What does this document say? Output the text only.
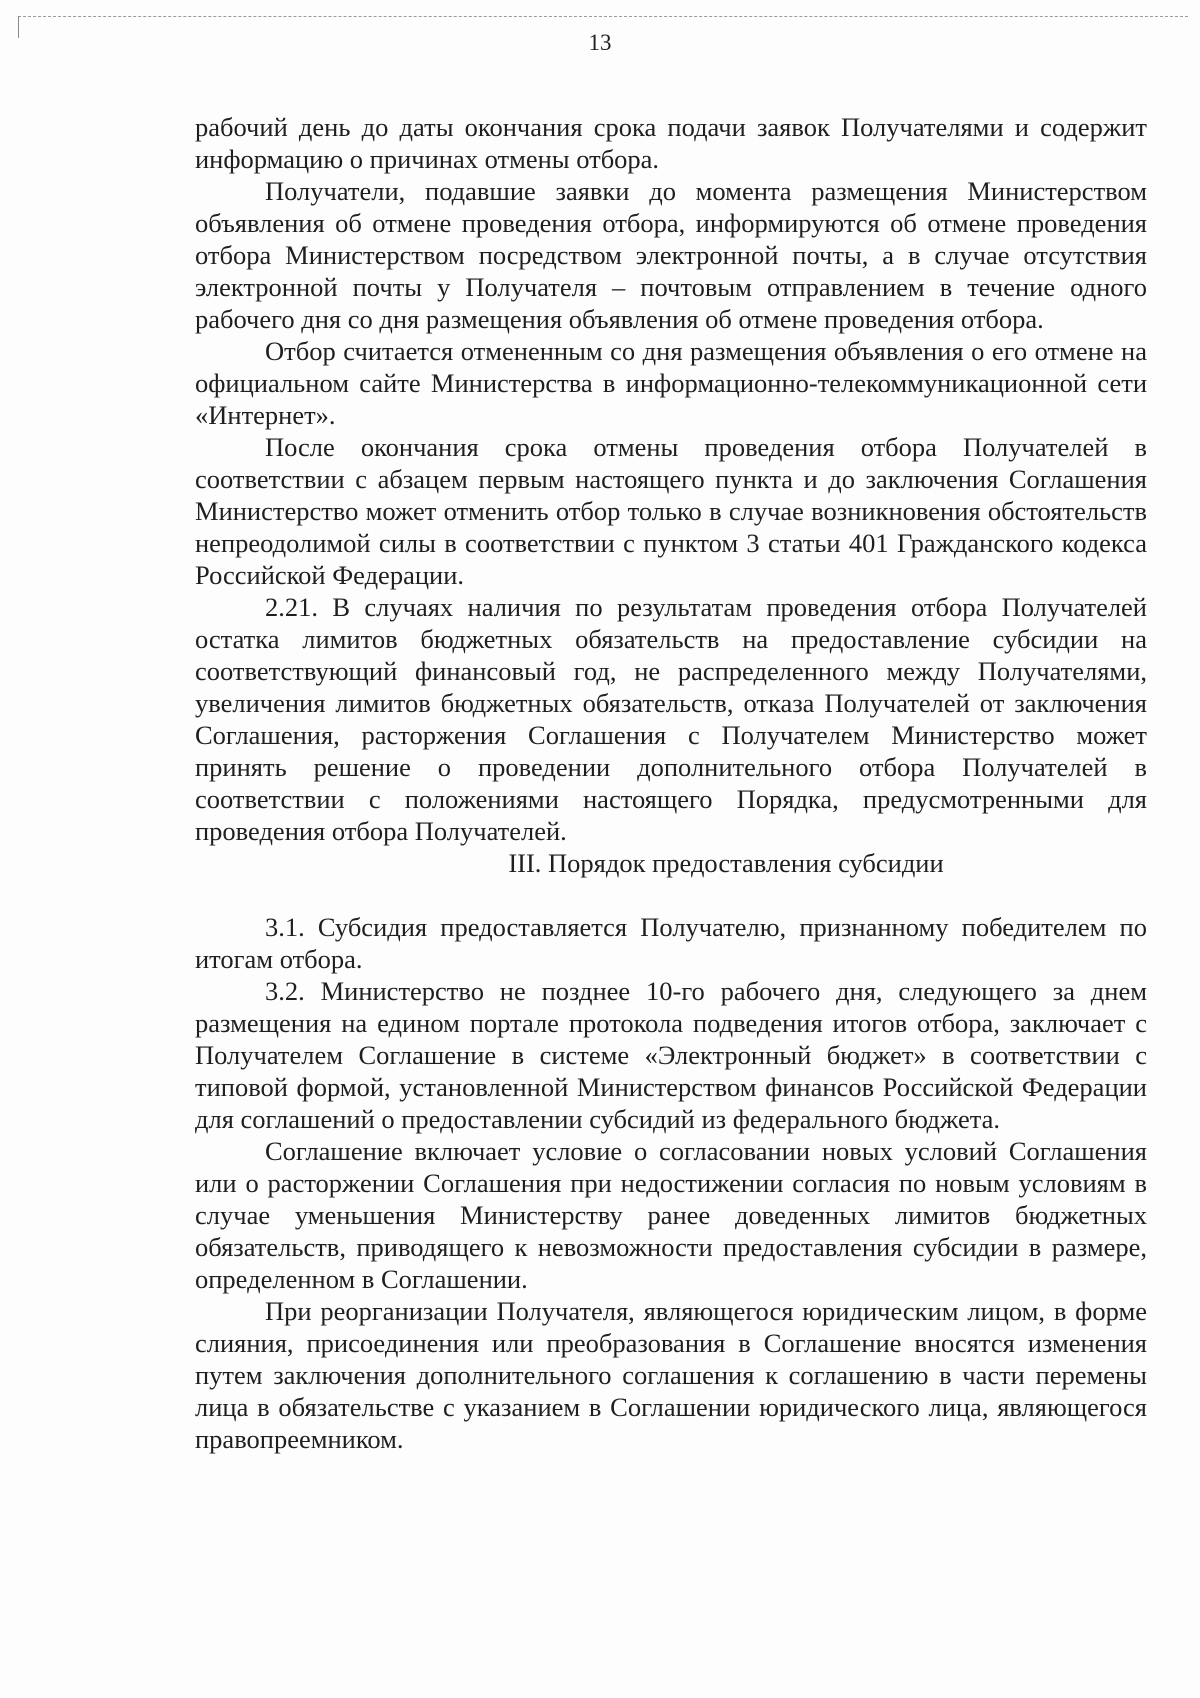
13

рабочий день до даты окончания срока подачи заявок Получателями и содержит информацию о причинах отмены отбора.

Получатели, подавшие заявки до момента размещения Министерством объявления об отмене проведения отбора, информируются об отмене проведения отбора Министерством посредством электронной почты, а в случае отсутствия электронной почты у Получателя – почтовым отправлением в течение одного рабочего дня со дня размещения объявления об отмене проведения отбора.

Отбор считается отмененным со дня размещения объявления о его отмене на официальном сайте Министерства в информационно-телекоммуникационной сети «Интернет».

После окончания срока отмены проведения отбора Получателей в соответствии с абзацем первым настоящего пункта и до заключения Соглашения Министерство может отменить отбор только в случае возникновения обстоятельств непреодолимой силы в соответствии с пунктом 3 статьи 401 Гражданского кодекса Российской Федерации.

2.21. В случаях наличия по результатам проведения отбора Получателей остатка лимитов бюджетных обязательств на предоставление субсидии на соответствующий финансовый год, не распределенного между Получателями, увеличения лимитов бюджетных обязательств, отказа Получателей от заключения Соглашения, расторжения Соглашения с Получателем Министерство может принять решение о проведении дополнительного отбора Получателей в соответствии с положениями настоящего Порядка, предусмотренными для проведения отбора Получателей.

III. Порядок предоставления субсидии

3.1. Субсидия предоставляется Получателю, признанному победителем по итогам отбора.

3.2. Министерство не позднее 10-го рабочего дня, следующего за днем размещения на едином портале протокола подведения итогов отбора, заключает с Получателем Соглашение в системе «Электронный бюджет» в соответствии с типовой формой, установленной Министерством финансов Российской Федерации для соглашений о предоставлении субсидий из федерального бюджета.

Соглашение включает условие о согласовании новых условий Соглашения или о расторжении Соглашения при недостижении согласия по новым условиям в случае уменьшения Министерству ранее доведенных лимитов бюджетных обязательств, приводящего к невозможности предоставления субсидии в размере, определенном в Соглашении.

При реорганизации Получателя, являющегося юридическим лицом, в форме слияния, присоединения или преобразования в Соглашение вносятся изменения путем заключения дополнительного соглашения к соглашению в части перемены лица в обязательстве с указанием в Соглашении юридического лица, являющегося правопреемником.
